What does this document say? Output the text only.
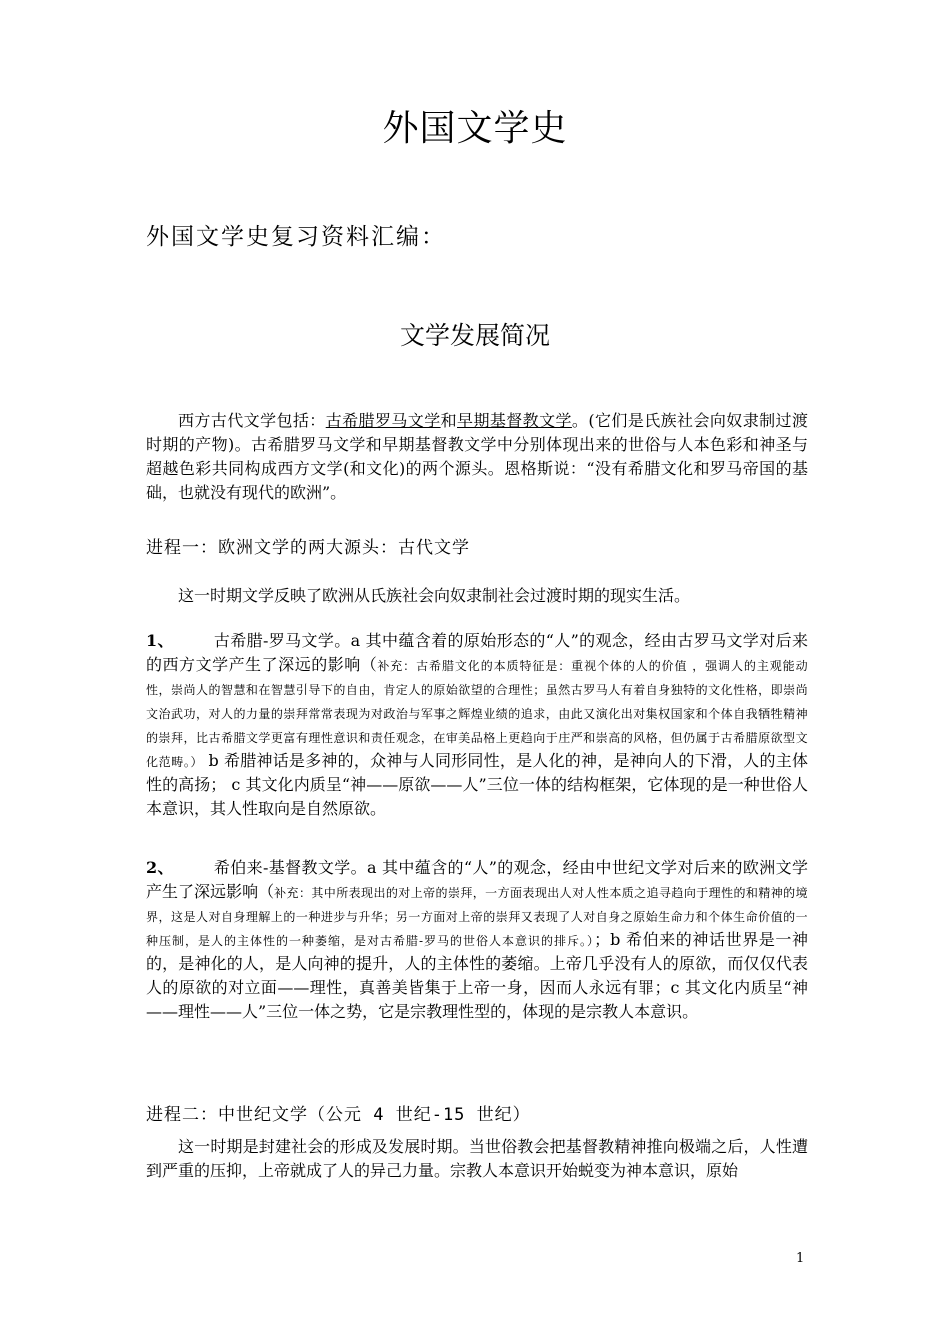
外国文学史
外国文学史复习资料汇编：
文学发展简况
西方古代文学包括：古希腊罗马文学和早期基督教文学。(它们是氏族社会向奴隶制过渡时期的产物)。古希腊罗马文学和早期基督教文学中分别体现出来的世俗与人本色彩和神圣与超越色彩共同构成西方文学(和文化)的两个源头。恩格斯说：“没有希腊文化和罗马帝国的基础，也就没有现代的欧洲”。
进程一：欧洲文学的两大源头：古代文学
这一时期文学反映了欧洲从氏族社会向奴隶制社会过渡时期的现实生活。
1、	古希腊-罗马文学。a 其中蕴含着的原始形态的“人”的观念，经由古罗马文学对后来的西方文学产生了深远的影响（补充：古希腊文化的本质特征是：重视个体的人的价值 ，强调人的主观能动性，崇尚人的智慧和在智慧引导下的自由，肯定人的原始欲望的合理性；虽然古罗马人有着自身独特的文化性格，即崇尚文治武功，对人的力量的崇拜常常表现为对政治与军事之辉煌业绩的追求，由此又演化出对集权国家和个体自我牺牲精神的崇拜，比古希腊文学更富有理性意识和责任观念，在审美品格上更趋向于庄严和崇高的风格，但仍属于古希腊原欲型文化范畴。） b 希腊神话是多神的，众神与人同形同性，是人化的神，是神向人的下滑，人的主体性的高扬； c 其文化内质呈“神——原欲——人”三位一体的结构框架，它体现的是一种世俗人本意识，其人性取向是自然原欲。
2、	希伯来-基督教文学。a 其中蕴含的“人”的观念，经由中世纪文学对后来的欧洲文学产生了深远影响（补充：其中所表现出的对上帝的崇拜，一方面表现出人对人性本质之追寻趋向于理性的和精神的境界，这是人对自身理解上的一种进步与升华；另一方面对上帝的崇拜又表现了人对自身之原始生命力和个体生命价值的一种压制，是人的主体性的一种萎缩，是对古希腊-罗马的世俗人本意识的排斥。）；b 希伯来的神话世界是一神的，是神化的人，是人向神的提升，人的主体性的萎缩。上帝几乎没有人的原欲，而仅仅代表人的原欲的对立面——理性，真善美皆集于上帝一身，因而人永远有罪；c 其文化内质呈“神——理性——人”三位一体之势，它是宗教理性型的，体现的是宗教人本意识。
进程二：中世纪文学（公元 4 世纪-15 世纪）
这一时期是封建社会的形成及发展时期。当世俗教会把基督教精神推向极端之后，人性遭到严重的压抑，上帝就成了人的异己力量。宗教人本意识开始蜕变为神本意识，原始
1
